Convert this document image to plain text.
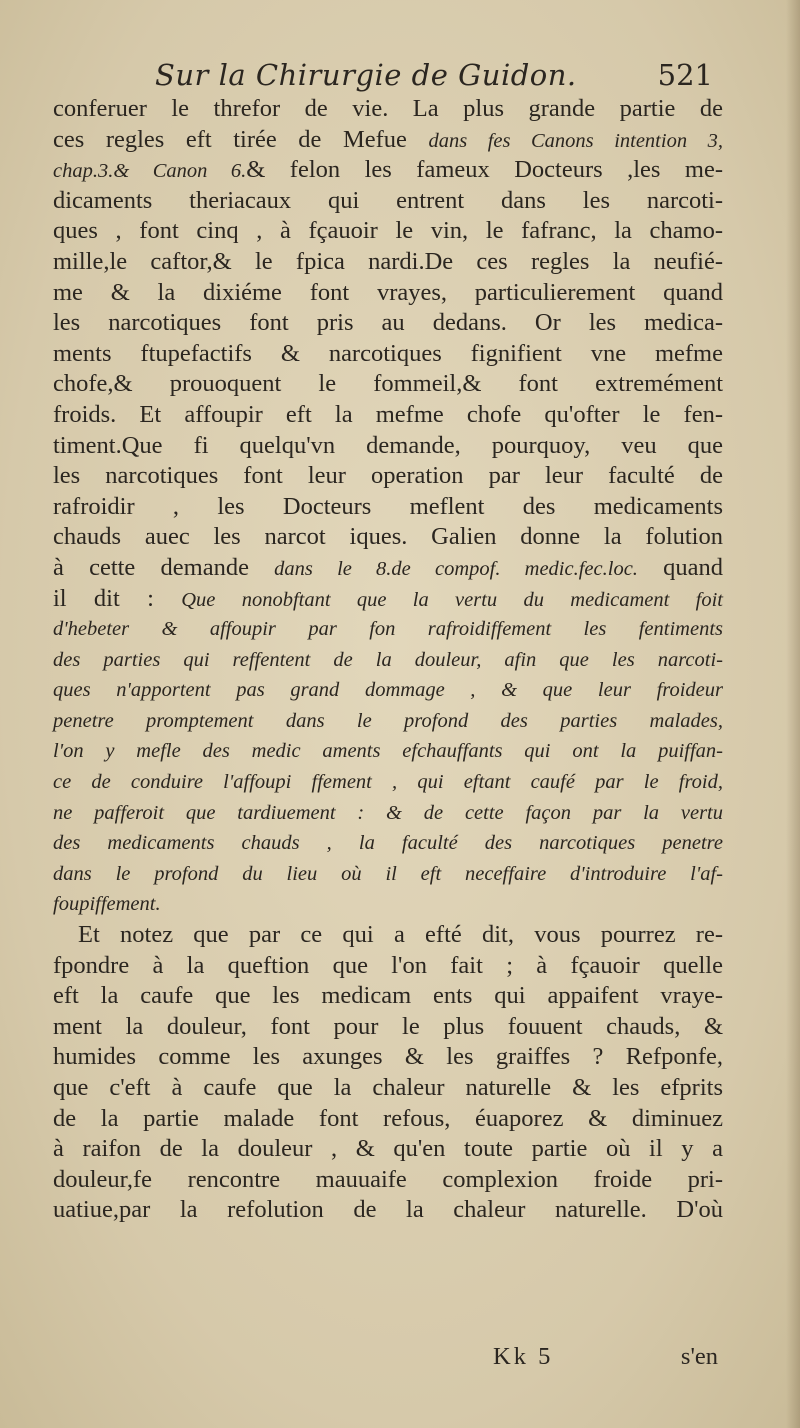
Sur la Chirurgie de Guidon.	521
conferuer le threfor de vie. La plus grande partie de
ces regles eft tirée de Mefue dans fes Canons intention 3,
chap.3.& Canon 6.& felon les fameux Docteurs ,les me-
dicaments theriacaux qui entrent dans les narcoti-
ques , font cinq , à fçauoir le vin, le fafranc, la chamo-
mille,le caftor,& le fpica nardi.De ces regles la neufié-
me & la dixiéme font vrayes, particulierement quand
les narcotiques font pris au dedans. Or les medica-
ments ftupefactifs & narcotiques fignifient vne mefme
chofe,& prouoquent le fommeil,& font extremément
froids. Et affoupir eft la mefme chofe qu'ofter le fen-
timent.Que fi quelqu'vn demande, pourquoy, veu que
les narcotiques font leur operation par leur faculté de
rafroidir , les Docteurs meflent des medicaments
chauds auec les narcot iques. Galien donne la folution
à cette demande dans le 8.de compof. medic.fec.loc. quand
il dit : Que nonobftant que la vertu du medicament foit
d'hebeter & affoupir par fon rafroidiffement les fentiments
des parties qui reffentent de la douleur, afin que les narcoti-
ques n'apportent pas grand dommage , & que leur froideur
penetre promptement dans le profond des parties malades,
l'on y mefle des medic aments efchauffants qui ont la puiffan-
ce de conduire l'affoupi ffement , qui eftant caufé par le froid,
ne pafferoit que tardiuement : & de cette façon par la vertu
des medicaments chauds , la faculté des narcotiques penetre
dans le profond du lieu où il eft neceffaire d'introduire l'af-
foupiffement.
Et notez que par ce qui a efté dit, vous pourrez re-
fpondre à la queftion que l'on fait ; à fçauoir quelle
eft la caufe que les medicam ents qui appaifent vraye-
ment la douleur, font pour le plus fouuent chauds, &
humides comme les axunges & les graiffes ? Refponfe,
que c'eft à caufe que la chaleur naturelle & les efprits
de la partie malade font refous, éuaporez & diminuez
à raifon de la douleur , & qu'en toute partie où il y a
douleur,fe rencontre mauuaife complexion froide pri-
uatiue,par la refolution de la chaleur naturelle. D'où
Kk 5	s'en
